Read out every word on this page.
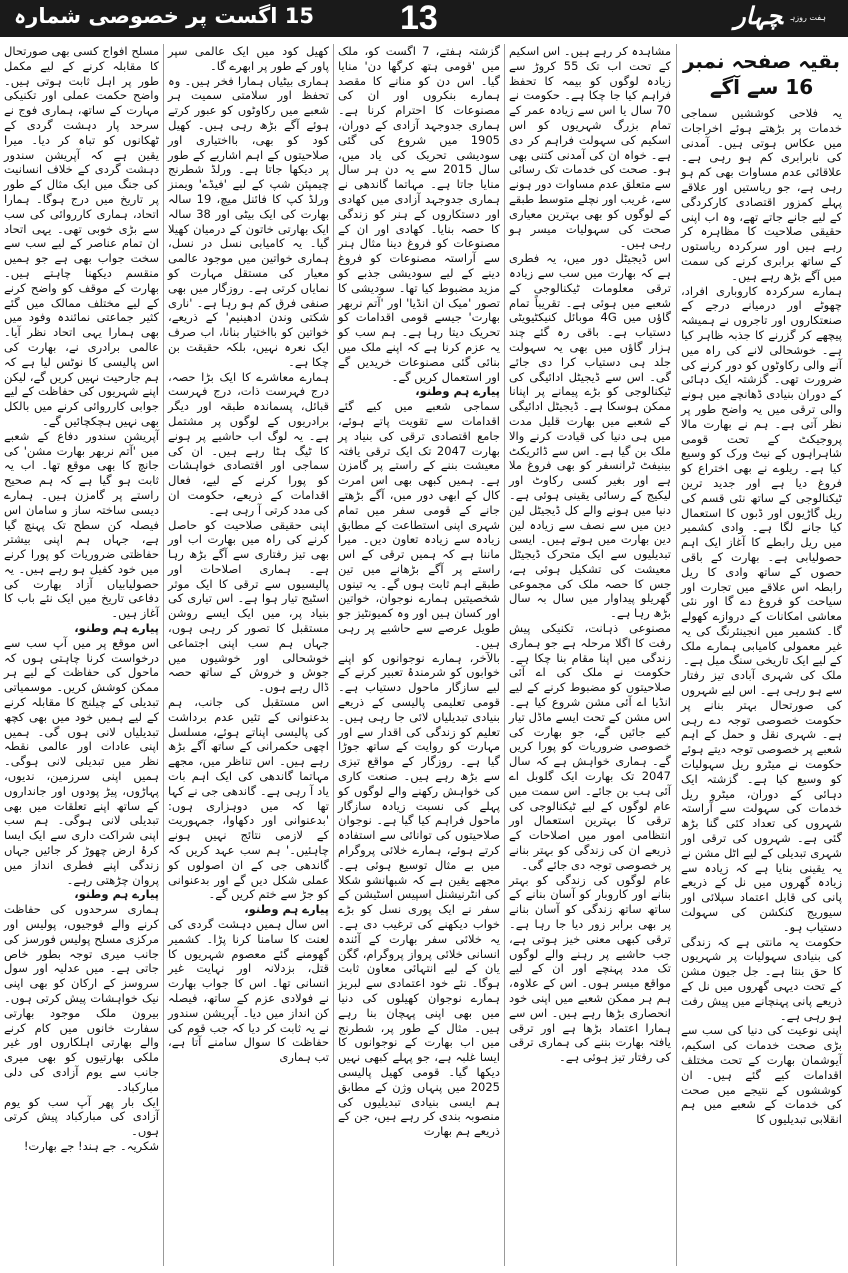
ہفت روزہچہار
13
15 اگست پر خصوصی شمارہ
بقیہ صفحہ نمبر 16 سے آگے

یہ فلاحی کوششیں سماجی خدمات پر بڑھتے ہوئے اخراجات میں عکاس ہوتی ہیں۔ آمدنی کی نابرابری کم ہو رہی ہے۔ علاقائی عدم مساوات بھی کم ہو رہی ہے، جو ریاستیں اور علاقے پہلے کمزور اقتصادی کارکردگی کے لیے جانے جاتے تھے، وہ اب اپنی حقیقی صلاحیت کا مظاہرہ کر رہے ہیں اور سرکردہ ریاستوں کے ساتھ برابری کرنے کی سمت میں آگے بڑھ رہے ہیں۔

ہمارے سرکردہ کاروباری افراد، چھوٹے اور درمیانے درجے کے صنعتکاروں اور تاجروں نے ہمیشہ پیچھے کر گزرنے کا جذبہ ظاہر کیا ہے۔ خوشحالی لانے کی راہ میں آنے والی رکاوٹوں کو دور کرنے کی ضرورت تھی۔ گزشتہ ایک دہائی کے دوران بنیادی ڈھانچے میں ہونے والی ترقی میں یہ واضح طور پر نظر آتی ہے۔ ہم نے بھارت مالا پروجیکٹ کے تحت قومی شاہراہوں کے نیٹ ورک کو وسیع کیا ہے۔ ریلوے نے بھی اختراع کو فروغ دیا ہے اور جدید ترین ٹیکنالوجی کے ساتھ نئی قسم کی ریل گاڑیوں اور ڈبوں کا استعمال کیا جانے لگا ہے۔ وادی کشمیر میں ریل رابطے کا آغاز ایک اہم حصولیابی ہے۔ بھارت کے باقی حصوں کے ساتھ وادی کا ریل رابطہ اس علاقے میں تجارت اور سیاحت کو فروغ دے گا اور نئی معاشی امکانات کے دروازے کھولے گا۔ کشمیر میں انجینئرنگ کی یہ غیر معمولی کامیابی ہمارے ملک کے لیے ایک تاریخی سنگ میل ہے۔

ملک کی شہری آبادی تیز رفتار سے ہو رہی ہے۔ اس لیے شہروں کی صورتحال بہتر بنانے پر حکومت خصوصی توجہ دے رہی ہے۔ شہری نقل و حمل کے اہم شعبے پر خصوصی توجہ دیتے ہوئے حکومت نے میٹرو ریل سہولیات کو وسیع کیا ہے۔ گزشتہ ایک دہائی کے دوران، میٹرو ریل خدمات کی سہولت سے آراستہ شہروں کی تعداد کئی گنا بڑھ گئی ہے۔ شہروں کی ترقی اور شہری تبدیلی کے لیے اٹل مشن نے یہ یقینی بنایا ہے کہ زیادہ سے زیادہ گھروں میں نل کے ذریعے پانی کی قابل اعتماد سپلائی اور سیوریج کنکشن کی سہولت دستیاب ہو۔

حکومت یہ مانتی ہے کہ زندگی کی بنیادی سہولیات پر شہریوں کا حق بنتا ہے۔ جل جیون مشن کے تحت دیہی گھروں میں نل کے ذریعے پانی پہنچانے میں پیش رفت ہو رہی ہے۔

اپنی نوعیت کی دنیا کی سب سے بڑی صحت خدمات کی اسکیم، آیوشمان بھارت کے تحت مختلف اقدامات کیے گئے ہیں۔ ان کوششوں کے نتیجے میں صحت کی خدمات کے شعبے میں ہم انقلابی تبدیلیوں کا

مشاہدہ کر رہے ہیں۔ اس اسکیم کے تحت اب تک 55 کروڑ سے زیادہ لوگوں کو بیمہ کا تحفظ فراہم کیا جا چکا ہے۔ حکومت نے 70 سال یا اس سے زیادہ عمر کے تمام بزرگ شہریوں کو اس اسکیم کی سہولت فراہم کر دی ہے۔ خواہ ان کی آمدنی کتنی بھی ہو۔ صحت کی خدمات تک رسائی سے متعلق عدم مساوات دور ہونے سے، غریب اور نچلے متوسط طبقے کے لوگوں کو بھی بہترین معیاری صحت کی سہولیات میسر ہو رہی ہیں۔

اس ڈیجیٹل دور میں، یہ فطری ہے کہ بھارت میں سب سے زیادہ ترقی معلومات ٹیکنالوجی کے شعبے میں ہوئی ہے۔ تقریباً تمام گاؤں میں 4G موبائل کنیکٹیویٹی دستیاب ہے۔ باقی رہ گئے چند ہزار گاؤں میں بھی یہ سہولت جلد ہی دستیاب کرا دی جائے گی۔ اس سے ڈیجیٹل ادائیگی کی ٹیکنالوجی کو بڑے پیمانے پر اپنانا ممکن ہوسکا ہے۔ ڈیجیٹل ادائیگی کے شعبے میں بھارت قلیل مدت میں ہی دنیا کی قیادت کرنے والا ملک بن گیا ہے۔ اس سے ڈائریکٹ بینیفٹ ٹرانسفر کو بھی فروغ ملا ہے اور بغیر کسی رکاوٹ اور لیکیج کے رسائی یقینی ہوئی ہے۔ دنیا میں ہونے والے کل ڈیجیٹل لین دین میں سے نصف سے زیادہ لین دین بھارت میں ہوتے ہیں۔ ایسی تبدیلیوں سے ایک متحرک ڈیجیٹل معیشت کی تشکیل ہوئی ہے، جس کا حصہ ملک کی مجموعی گھریلو پیداوار میں سال بہ سال بڑھ رہا ہے۔

مصنوعی ذہانت، تکنیکی پیش رفت کا اگلا مرحلہ ہے جو ہماری زندگی میں اپنا مقام بنا چکا ہے۔ حکومت نے ملک کی اے آئی صلاحیتوں کو مضبوط کرنے کے لیے انڈیا اے آئی مشن شروع کیا ہے۔ اس مشن کے تحت ایسے ماڈل تیار کیے جائیں گے، جو بھارت کی خصوصی ضروریات کو پورا کریں گے۔ ہماری خواہش ہے کہ سال 2047 تک بھارت ایک گلوبل اے آئی ہب بن جائے۔ اس سمت میں عام لوگوں کے لیے ٹیکنالوجی کی ترقی کا بہترین استعمال اور انتظامی امور میں اصلاحات کے ذریعے ان کی زندگی کو بہتر بنانے پر خصوصی توجہ دی جائے گی۔

عام لوگوں کی زندگی کو بہتر بنانے اور کاروبار کو آسان بنانے کے ساتھ ساتھ زندگی کو آسان بنانے پر بھی برابر زور دیا جا رہا ہے۔ ترقی کبھی معنی خیز ہوتی ہے، جب حاشیے پر رہنے والے لوگوں تک مدد پہنچے اور ان کے لیے مواقع میسر ہوں۔ اس کے علاوہ، ہم ہر ممکن شعبے میں اپنی خود انحصاری بڑھا رہے ہیں۔ اس سے ہمارا اعتماد بڑھا ہے اور ترقی یافتہ بھارت بننے کی ہماری ترقی کی رفتار تیز ہوئی ہے۔

گزشتہ ہفتے، 7 اگست کو، ملک میں 'قومی ہتھ کرگھا دن' منایا گیا۔ اس دن کو منانے کا مقصد ہمارے بنکروں اور ان کی مصنوعات کا احترام کرنا ہے۔ ہماری جدوجہد آزادی کے دوران، 1905 میں شروع کی گئی سودیشی تحریک کی یاد میں، سال 2015 سے یہ دن ہر سال منایا جاتا ہے۔ مہاتما گاندھی نے ہماری جدوجہد آزادی میں کھادی اور دستکاروں کے ہنر کو زندگی کا حصہ بنایا۔ کھادی اور ان کے مصنوعات کو فروغ دینا مثال ہنر سے آراستہ مصنوعات کو فروغ دینے کے لیے سودیشی جذبے کو مزید مضبوط کیا تھا۔ سودیشی کا تصور 'میک ان انڈیا' اور 'آتم نربھر بھارت' جیسے قومی اقدامات کو تحریک دیتا رہا ہے۔ ہم سب کو یہ عزم کرنا ہے کہ اپنے ملک میں بنائی گئی مصنوعات خریدیں گے اور استعمال کریں گے۔

پیارے ہم وطنو،

سماجی شعبے میں کیے گئے اقدامات سے تقویت پاتے ہوئے، جامع اقتصادی ترقی کی بنیاد پر بھارت 2047 تک ایک ترقی یافتہ معیشت بننے کے راستے پر گامزن ہے۔ ہمیں کبھی بھی اس امرت کال کے ابھی دور میں، آگے بڑھتے جانے کے قومی سفر میں تمام شہری اپنی استطاعت کے مطابق زیادہ سے زیادہ تعاون دیں۔ میرا ماننا ہے کہ ہمیں ترقی کے اس راستے پر آگے بڑھانے میں تین طبقے اہم ثابت ہوں گے۔ یہ تینوں شخصیتیں ہمارے نوجوان، خواتین اور کسان ہیں اور وہ کمیونٹیز جو طویل عرصے سے حاشیے پر رہی ہیں۔

بالآخر، ہمارے نوجوانوں کو اپنے خوابوں کو شرمندۂ تعبیر کرنے کے لیے سازگار ماحول دستیاب ہے۔ قومی تعلیمی پالیسی کے ذریعے بنیادی تبدیلیاں لائی جا رہی ہیں۔ تعلیم کو زندگی کی اقدار سے اور مہارت کو روایت کے ساتھ جوڑا گیا ہے۔ روزگار کے مواقع تیزی سے بڑھ رہے ہیں۔ صنعت کاری کی خواہش رکھنے والے لوگوں کو پہلے کی نسبت زیادہ سازگار ماحول فراہم کیا گیا ہے۔ نوجوان صلاحیتوں کی توانائی سے استفادہ کرتے ہوئے، ہمارے خلائی پروگرام میں بے مثال توسیع ہوئی ہے۔ مجھے یقین ہے کہ شبھانشو شکلا کی انٹرنیشنل اسپیس اسٹیشن کے سفر نے ایک پوری نسل کو بڑے خواب دیکھنے کی ترغیب دی ہے۔ یہ خلائی سفر بھارت کے آئندہ انسانی خلائی پرواز پروگرام، گگن یان کے لیے انتہائی معاون ثابت ہوگا۔ نئے خود اعتمادی سے لبریز ہمارے نوجوان کھیلوں کی دنیا میں بھی اپنی پہچان بنا رہے ہیں۔ مثال کے طور پر، شطرنج میں اب بھارت کے نوجوانوں کا ایسا غلبہ ہے، جو پہلے کبھی نہیں دیکھا گیا۔ قومی کھیل پالیسی 2025 میں پنہاں وژن کے مطابق ہم ایسی بنیادی تبدیلیوں کی منصوبہ بندی کر رہے ہیں، جن کے ذریعے ہم بھارت

کھیل کود میں ایک عالمی سپر پاور کے طور پر ابھرے گا۔

ہماری بیٹیاں ہمارا فخر ہیں۔ وہ تحفظ اور سلامتی سمیت ہر شعبے میں رکاوٹوں کو عبور کرتے ہوئے آگے بڑھ رہی ہیں۔ کھیل کود کو بھی، بااختیاری اور صلاحیتوں کے اہم اشاریے کے طور پر دیکھا جاتا ہے۔ ورلڈ شطرنج چیمپئن شپ کے لیے 'فیڈے' ویمنز ورلڈ کپ کا فائنل میچ، 19 سالہ بھارت کی ایک بیٹی اور 38 سالہ ایک بھارتی خاتون کے درمیان کھیلا گیا۔ یہ کامیابی نسل در نسل، ہماری خواتین میں موجود عالمی معیار کی مستقل مہارت کو نمایاں کرتی ہے۔ روزگار میں بھی صنفی فرق کم ہو رہا ہے۔ 'ناری شکتی وندن ادھینیم' کے ذریعے، خواتین کو بااختیار بنانا، اب صرف ایک نعرہ نہیں، بلکہ حقیقت بن چکا ہے۔

ہمارے معاشرے کا ایک بڑا حصہ، درج فہرست ذات، درج فہرست قبائل، پسماندہ طبقہ اور دیگر برادریوں کے لوگوں پر مشتمل ہے۔ یہ لوگ اب حاشیے پر ہونے کا ٹیگ ہٹا رہے ہیں۔ ان کی سماجی اور اقتصادی خواہشات کو پورا کرنے کے لیے، فعال اقدامات کے ذریعے، حکومت ان کی مدد کرتی آ رہی ہے۔

اپنی حقیقی صلاحیت کو حاصل کرنے کی راہ میں بھارت اب اور بھی تیز رفتاری سے آگے بڑھ رہا ہے۔ ہماری اصلاحات اور پالیسیوں سے ترقی کا ایک موثر اسٹیج تیار ہوا ہے۔ اس تیاری کی بنیاد پر، میں ایک ایسے روشن مستقبل کا تصور کر رہی ہوں، جہاں ہم سب اپنی اجتماعی خوشحالی اور خوشیوں میں جوش و خروش کے ساتھ حصہ ڈال رہے ہوں۔

اس مستقبل کی جانب، ہم بدعنوانی کے تئیں عدم برداشت کی پالیسی اپناتے ہوئے، مسلسل اچھی حکمرانی کے ساتھ آگے بڑھ رہے ہیں۔ اس تناظر میں، مجھے مہاتما گاندھی کی ایک اہم بات یاد آ رہی ہے۔ گاندھی جی نے کہا تھا کہ میں دوہزاری ہوں: 'بدعنوانی اور دکھاوا، جمہوریت کے لازمی نتائج نہیں ہونے چاہئیں۔' ہم سب عہد کریں کہ گاندھی جی کے ان اصولوں کو عملی شکل دیں گے اور بدعنوانی کو جڑ سے ختم کریں گے۔

پیارے ہم وطنو،

اس سال ہمیں دہشت گردی کی لعنت کا سامنا کرنا پڑا۔ کشمیر گھومنے گئے معصوم شہریوں کا قتل، بزدلانہ اور نہایت غیر انسانی تھا۔ اس کا جواب بھارت نے فولادی عزم کے ساتھ، فیصلہ کن انداز میں دیا۔ آپریشن سندور نے یہ ثابت کر دیا کہ جب قوم کی حفاظت کا سوال سامنے آتا ہے، تب ہماری

مسلح افواج کسی بھی صورتحال کا مقابلہ کرنے کے لیے مکمل طور پر اہل ثابت ہوتی ہیں۔ واضح حکمت عملی اور تکنیکی مہارت کے ساتھ، ہماری فوج نے سرحد پار دہشت گردی کے ٹھکانوں کو تباہ کر دیا۔ میرا یقین ہے کہ آپریشن سندور دہشت گردی کے خلاف انسانیت کی جنگ میں ایک مثال کے طور پر تاریخ میں درج ہوگا۔ ہمارا اتحاد، ہماری کارروائی کی سب سے بڑی خوبی تھی۔ یہی اتحاد ان تمام عناصر کے لیے سب سے سخت جواب بھی ہے جو ہمیں منقسم دیکھنا چاہتے ہیں۔ بھارت کے موقف کو واضح کرنے کے لیے مختلف ممالک میں گئے کثیر جماعتی نمائندہ وفود میں بھی ہمارا یہی اتحاد نظر آیا۔ عالمی برادری نے، بھارت کی اس پالیسی کا نوٹس لیا ہے کہ ہم جارحیت نہیں کریں گے، لیکن اپنے شہریوں کی حفاظت کے لیے جوابی کارروائی کرنے میں بالکل بھی نہیں ہچکچائیں گے۔

آپریشن سندور دفاع کے شعبے میں 'آتم نربھر بھارت مشن' کی جانچ کا بھی موقع تھا۔ اب یہ ثابت ہو گیا ہے کہ ہم صحیح راستے پر گامزن ہیں۔ ہمارے دیسی ساختہ ساز و سامان اس فیصلہ کن سطح تک پہنچ گیا ہے، جہاں ہم اپنی بیشتر حفاظتی ضروریات کو پورا کرنے میں خود کفیل ہو رہے ہیں۔ یہ حصولیابیاں آزاد بھارت کی دفاعی تاریخ میں ایک نئے باب کا آغاز ہیں۔

پیارے ہم وطنو،

اس موقع پر میں آپ سب سے درخواست کرنا چاہتی ہوں کہ ماحول کی حفاظت کے لیے ہر ممکن کوشش کریں۔ موسمیاتی تبدیلی کے چیلنج کا مقابلہ کرنے کے لیے ہمیں خود میں بھی کچھ تبدیلیاں لانی ہوں گی۔ ہمیں اپنی عادات اور عالمی نقطہ نظر میں تبدیلی لانی ہوگی۔ ہمیں اپنی سرزمین، ندیوں، پہاڑوں، پیڑ پودوں اور جانداروں کے ساتھ اپنے تعلقات میں بھی تبدیلی لانی ہوگی۔ ہم سب اپنی شراکت داری سے ایک ایسا کرۂ ارض چھوڑ کر جائیں جہاں زندگی اپنے فطری انداز میں پروان چڑھتی رہے۔

پیارے ہم وطنو،

ہماری سرحدوں کی حفاظت کرنے والے فوجیوں، پولیس اور مرکزی مسلح پولیس فورسز کی جانب میری توجہ بطور خاص جاتی ہے۔ میں عدلیہ اور سول سروسز کے ارکان کو بھی اپنی نیک خواہشات پیش کرتی ہوں۔ بیرون ملک موجود بھارتی سفارت خانوں میں کام کرنے والے بھارتی اہلکاروں اور غیر ملکی بھارتیوں کو بھی میری جانب سے یوم آزادی کی دلی مبارکباد۔

ایک بار پھر آپ سب کو یوم آزادی کی مبارکباد پیش کرتی ہوں۔

شکریہ۔ جے ہند! جے بھارت!
